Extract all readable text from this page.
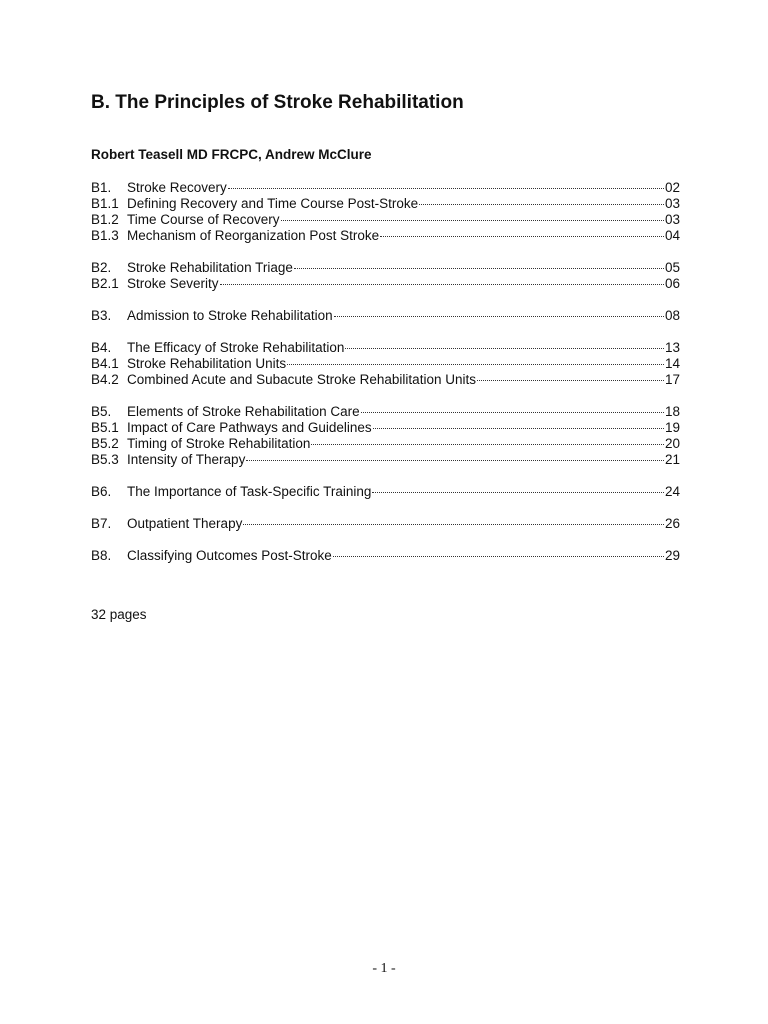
B. The Principles of Stroke Rehabilitation
Robert Teasell MD FRCPC, Andrew McClure
B1.	Stroke Recovery	02
B1.1 Defining Recovery and Time Course Post-Stroke	03
B1.2 Time Course of Recovery	03
B1.3 Mechanism of Reorganization Post Stroke	04
B2.	Stroke Rehabilitation Triage	05
B2.1 Stroke Severity	06
B3.	Admission to Stroke Rehabilitation	08
B4.	The Efficacy of Stroke Rehabilitation	13
B4.1 Stroke Rehabilitation Units	14
B4.2 Combined Acute and Subacute Stroke Rehabilitation Units	17
B5.	Elements of Stroke Rehabilitation Care	18
B5.1 Impact of Care Pathways and Guidelines	19
B5.2 Timing of Stroke Rehabilitation	20
B5.3 Intensity of Therapy	21
B6.	The Importance of Task-Specific Training	24
B7.	Outpatient Therapy	26
B8.	Classifying Outcomes Post-Stroke	29
32 pages
- 1 -
